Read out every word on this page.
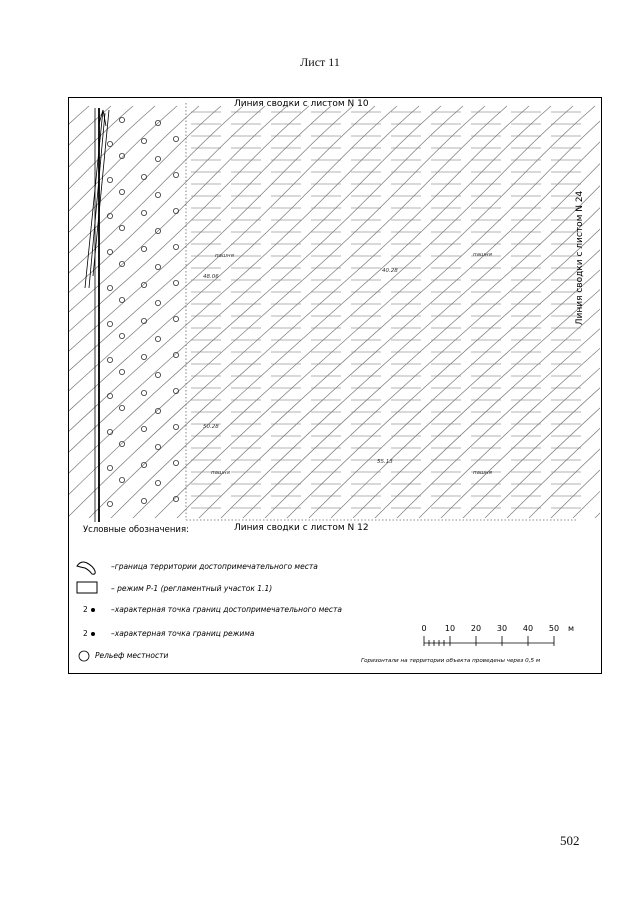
Лист 11
Линия сводки с листом N 10
Линия сводки с листом N 12
Линия сводки с листом N 24
пашня	пашня
пашня	пашня
48.06
40.28
50.28
55.13
Условные обозначения:
–граница территории достопримечательного места
– режим Р-1 (регламентный участок 1.1)
2	–характерная точка границ достопримечательного места
2	–характерная точка границ режима
Рельеф местности
0	10	20	30	40	50	м
Горизонтали на территории объекта проведены через 0,5 м
502
